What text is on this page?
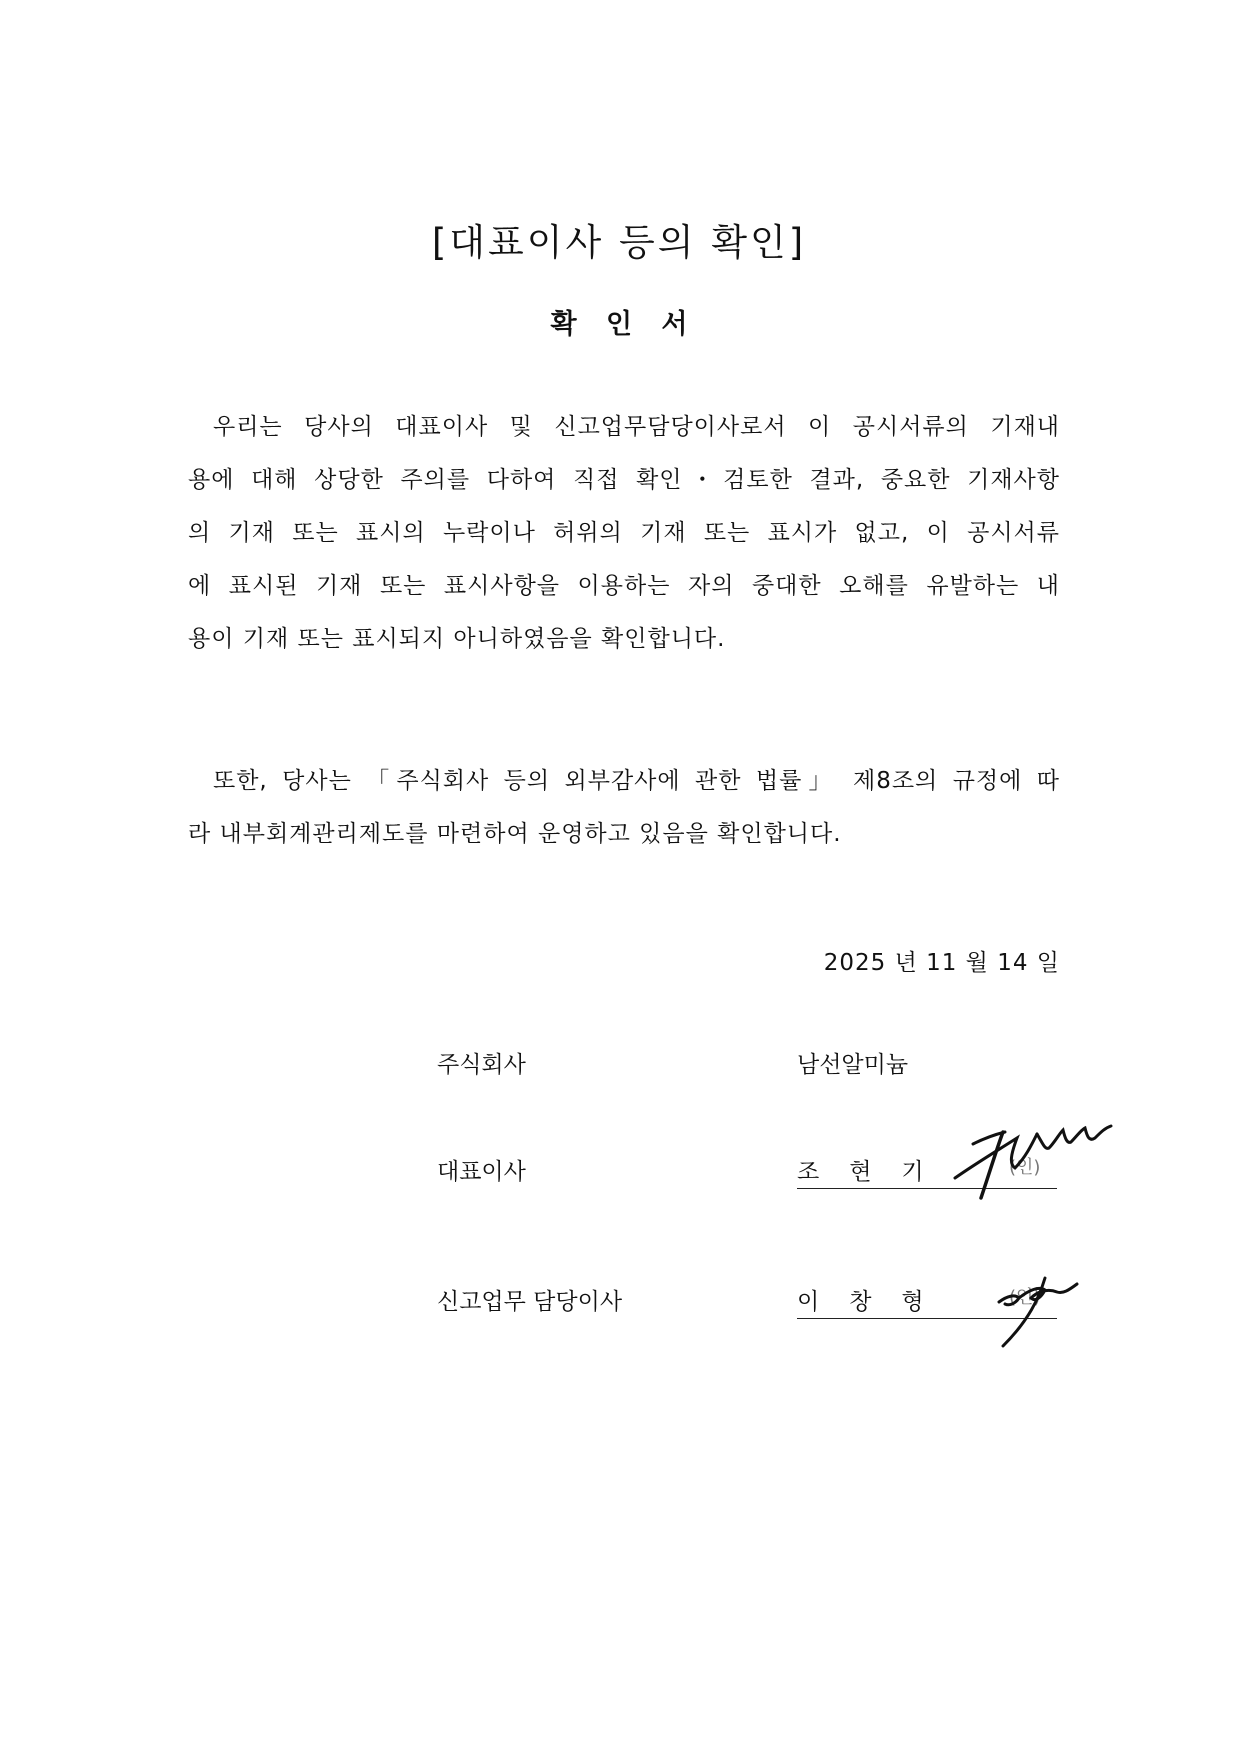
[대표이사 등의 확인]
확 인 서
우리는 당사의 대표이사 및 신고업무담당이사로서 이 공시서류의 기재내
용에 대해 상당한 주의를 다하여 직접 확인・검토한 결과, 중요한 기재사항
의 기재 또는 표시의 누락이나 허위의 기재 또는 표시가 없고, 이 공시서류
에 표시된 기재 또는 표시사항을 이용하는 자의 중대한 오해를 유발하는 내
용이 기재 또는 표시되지 아니하였음을 확인합니다.
또한, 당사는 「주식회사 등의 외부감사에 관한 법률」 제8조의 규정에 따
라 내부회계관리제도를 마련하여 운영하고 있음을 확인합니다.
2025 년 11 월 14 일
주식회사	남선알미늄
대표이사	조현기	(인)
신고업무 담당이사	이창형	(인)
